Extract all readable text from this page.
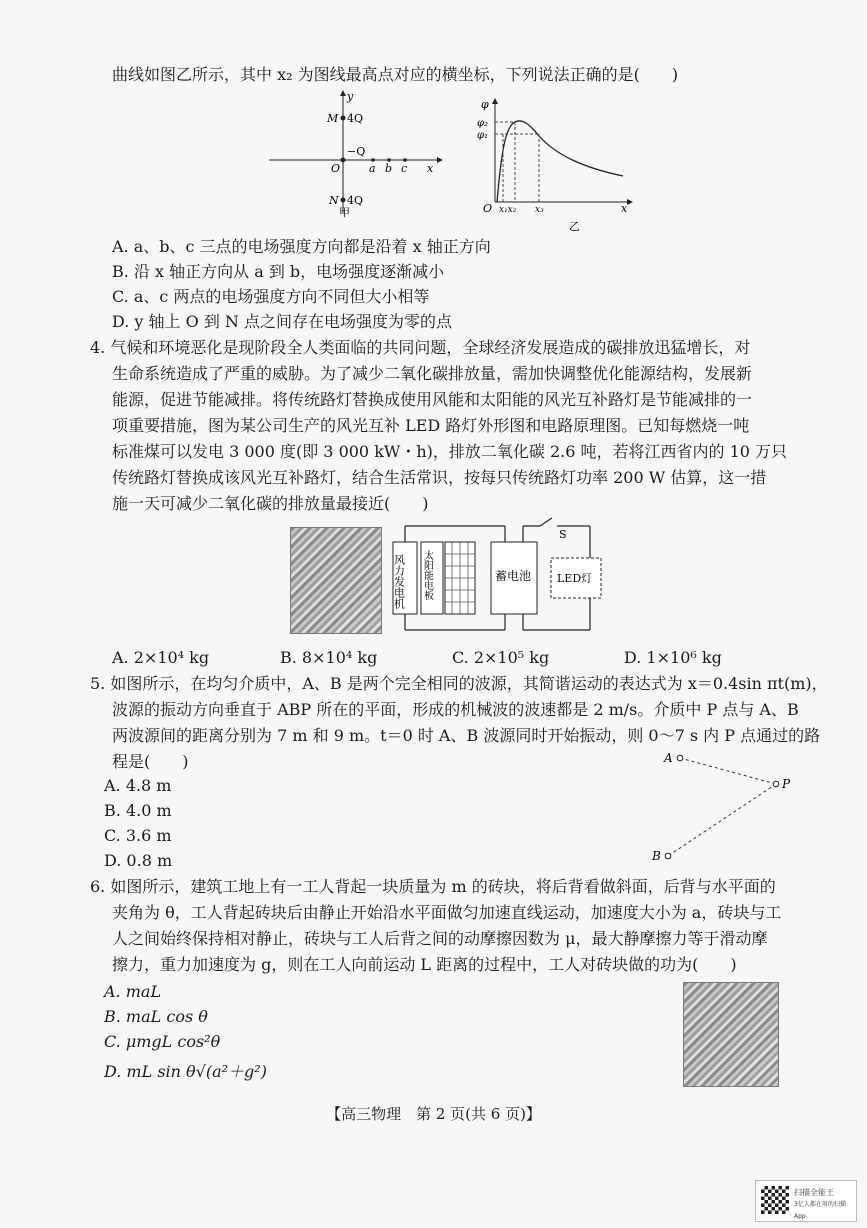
曲线如图乙所示，其中 x₂ 为图线最高点对应的横坐标，下列说法正确的是(　　)
y
M 4Q
−Q
O	a b c x
N 4Q
甲
φ
φ₂
φ₁
O x₁x₂ x₃	x
乙
A. a、b、c 三点的电场强度方向都是沿着 x 轴正方向
B. 沿 x 轴正方向从 a 到 b，电场强度逐渐减小
C. a、c 两点的电场强度方向不同但大小相等
D. y 轴上 O 到 N 点之间存在电场强度为零的点
4. 气候和环境恶化是现阶段全人类面临的共同问题，全球经济发展造成的碳排放迅猛增长，对
生命系统造成了严重的威胁。为了减少二氧化碳排放量，需加快调整优化能源结构，发展新
能源，促进节能减排。将传统路灯替换成使用风能和太阳能的风光互补路灯是节能减排的一
项重要措施，图为某公司生产的风光互补 LED 路灯外形图和电路原理图。已知每燃烧一吨
标准煤可以发电 3 000 度(即 3 000 kW・h)，排放二氧化碳 2.6 吨，若将江西省内的 10 万只
传统路灯替换成该风光互补路灯，结合生活常识，按每只传统路灯功率 200 W 估算，这一措
施一天可减少二氧化碳的排放量最接近(　　)
风力发电机 太阳能电板	蓄电池 LED灯
S
A. 2×10⁴ kg	B. 8×10⁴ kg	C. 2×10⁵ kg	D. 1×10⁶ kg
5. 如图所示，在均匀介质中，A、B 是两个完全相同的波源，其简谐运动的表达式为 x＝0.4sin πt(m)，
波源的振动方向垂直于 ABP 所在的平面，形成的机械波的波速都是 2 m/s。介质中 P 点与 A、B
两波源间的距离分别为 7 m 和 9 m。t＝0 时 A、B 波源同时开始振动，则 0～7 s 内 P 点通过的路
程是(　　)	A
P
B
A. 4.8 m
B. 4.0 m
C. 3.6 m
D. 0.8 m
6. 如图所示，建筑工地上有一工人背起一块质量为 m 的砖块，将后背看做斜面，后背与水平面的
夹角为 θ，工人背起砖块后由静止开始沿水平面做匀加速直线运动，加速度大小为 a，砖块与工
人之间始终保持相对静止，砖块与工人后背之间的动摩擦因数为 μ，最大静摩擦力等于滑动摩
擦力，重力加速度为 g，则在工人向前运动 L 距离的过程中，工人对砖块做的功为(　　)
A. maL
B. maL cos θ
C. μmgL cos²θ
D. mL sin θ√(a²＋g²)
【高三物理　第 2 页(共 6 页)】
扫描全能王
3亿人都在用的扫描App
